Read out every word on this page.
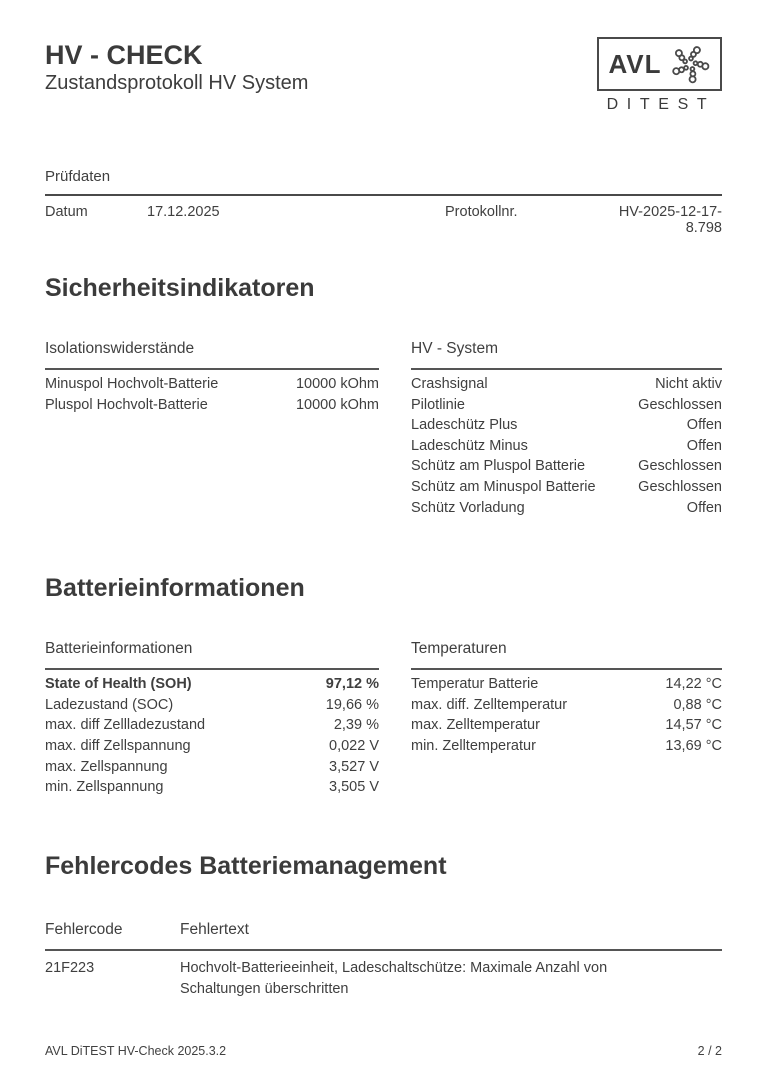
HV - CHECK
Zustandsprotokoll HV System
AVL
DITEST
Prüfdaten
Datum	17.12.2025	Protokollnr.	HV-2025-12-17-8.798
Sicherheitsindikatoren
Isolationswiderstände
Minuspol Hochvolt-Batterie	10000 kOhm
Pluspol Hochvolt-Batterie	10000 kOhm
HV - System
Crashsignal	Nicht aktiv
Pilotlinie	Geschlossen
Ladeschütz Plus	Offen
Ladeschütz Minus	Offen
Schütz am Pluspol Batterie	Geschlossen
Schütz am Minuspol Batterie	Geschlossen
Schütz Vorladung	Offen
Batterieinformationen
Batterieinformationen
State of Health (SOH)	97,12 %
Ladezustand (SOC)	19,66 %
max. diff Zellladezustand	2,39 %
max. diff Zellspannung	0,022 V
max. Zellspannung	3,527 V
min. Zellspannung	3,505 V
Temperaturen
Temperatur Batterie	14,22 °C
max. diff. Zelltemperatur	0,88 °C
max. Zelltemperatur	14,57 °C
min. Zelltemperatur	13,69 °C
Fehlercodes Batteriemanagement
Fehlercode	Fehlertext
21F223	Hochvolt-Batterieeinheit, Ladeschaltschütze: Maximale Anzahl von Schaltungen überschritten
AVL DiTEST HV-Check 2025.3.2	2 / 2
